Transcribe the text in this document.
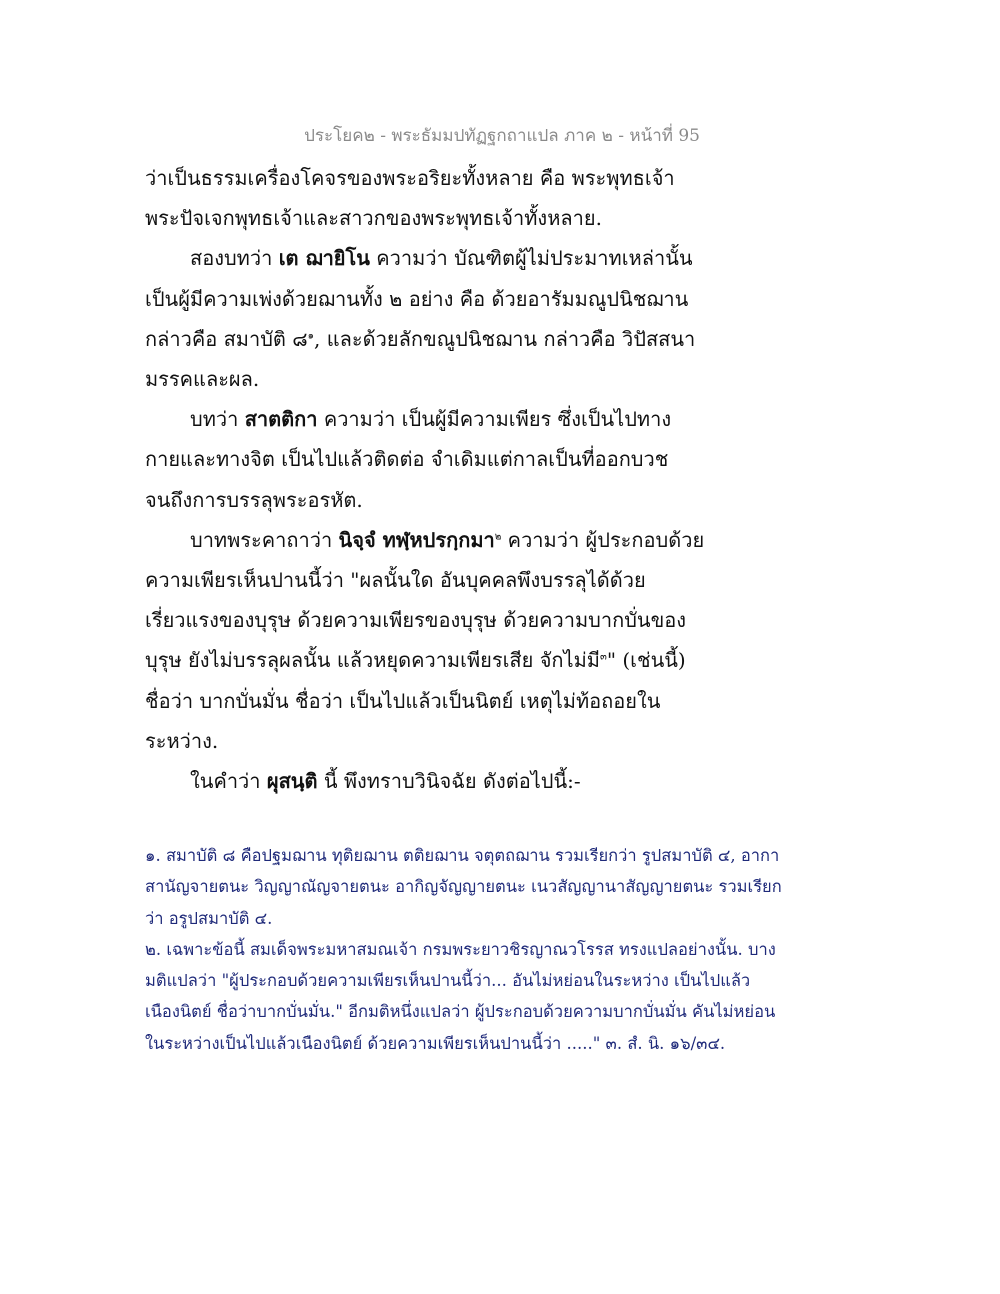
ประโยค๒ - พระธัมมปทัฏฐกถาแปล ภาค ๒ - หน้าที่ 95

ว่าเป็นธรรมเครื่องโคจรของพระอริยะทั้งหลาย คือ พระพุทธเจ้า พระปัจเจกพุทธเจ้าและสาวกของพระพุทธเจ้าทั้งหลาย.

สองบทว่า เต ฌายิโน ความว่า บัณฑิตผู้ไม่ประมาทเหล่านั้นเป็นผู้มีความเพ่งด้วยฌานทั้ง ๒ อย่าง คือ ด้วยอารัมมณูปนิชฌาน กล่าวคือ สมาบัติ ๘$^๑$, และด้วยลักขณูปนิชฌาน กล่าวคือ วิปัสสนา มรรคและผล.

บทว่า สาตติกา ความว่า เป็นผู้มีความเพียร ซึ่งเป็นไปทางกายและทางจิต เป็นไปแล้วติดต่อ จำเดิมแต่กาลเป็นที่ออกบวชจนถึงการบรรลุพระอรหัต.

บาทพระคาถาว่า นิจฺจํ ทฬฺหปรกฺกมา$^๒$ ความว่า ผู้ประกอบด้วยความเพียรเห็นปานนี้ว่า "ผลนั้นใด อันบุคคลพึงบรรลุได้ด้วยเรี่ยวแรงของบุรุษ ด้วยความเพียรของบุรุษ ด้วยความบากบั่นของบุรุษ ยังไม่บรรลุผลนั้น แล้วหยุดความเพียรเสีย จักไม่มี$^๓$" (เช่นนี้) ชื่อว่า บากบั่นมั่น ชื่อว่า เป็นไปแล้วเป็นนิตย์ เหตุไม่ท้อถอยในระหว่าง.

ในคำว่า ผุสนฺติ นี้ พึงทราบวินิจฉัย ดังต่อไปนี้:-

๑. สมาบัติ ๘ คือปฐมฌาน ทุติยฌาน ตติยฌาน จตุตถฌาน รวมเรียกว่า รูปสมาบัติ ๔, อากาสานัญจายตนะ วิญญาณัญจายตนะ อากิญจัญญายตนะ เนวสัญญานาสัญญายตนะ รวมเรียกว่า อรูปสมาบัติ ๔.

๒. เฉพาะข้อนี้ สมเด็จพระมหาสมณเจ้า กรมพระยาวชิรญาณวโรรส ทรงแปลอย่างนั้น. บางมติแปลว่า "ผู้ประกอบด้วยความเพียรเห็นปานนี้ว่า... อันไม่หย่อนในระหว่าง เป็นไปแล้วเนืองนิตย์ ชื่อว่าบากบั่นมั่น." อีกมติหนึ่งแปลว่า ผู้ประกอบด้วยความบากบั่นมั่น คันไม่หย่อนในระหว่างเป็นไปแล้วเนืองนิตย์ ด้วยความเพียรเห็นปานนี้ว่า ....." ๓. สํ. นิ. ๑๖/๓๔.
